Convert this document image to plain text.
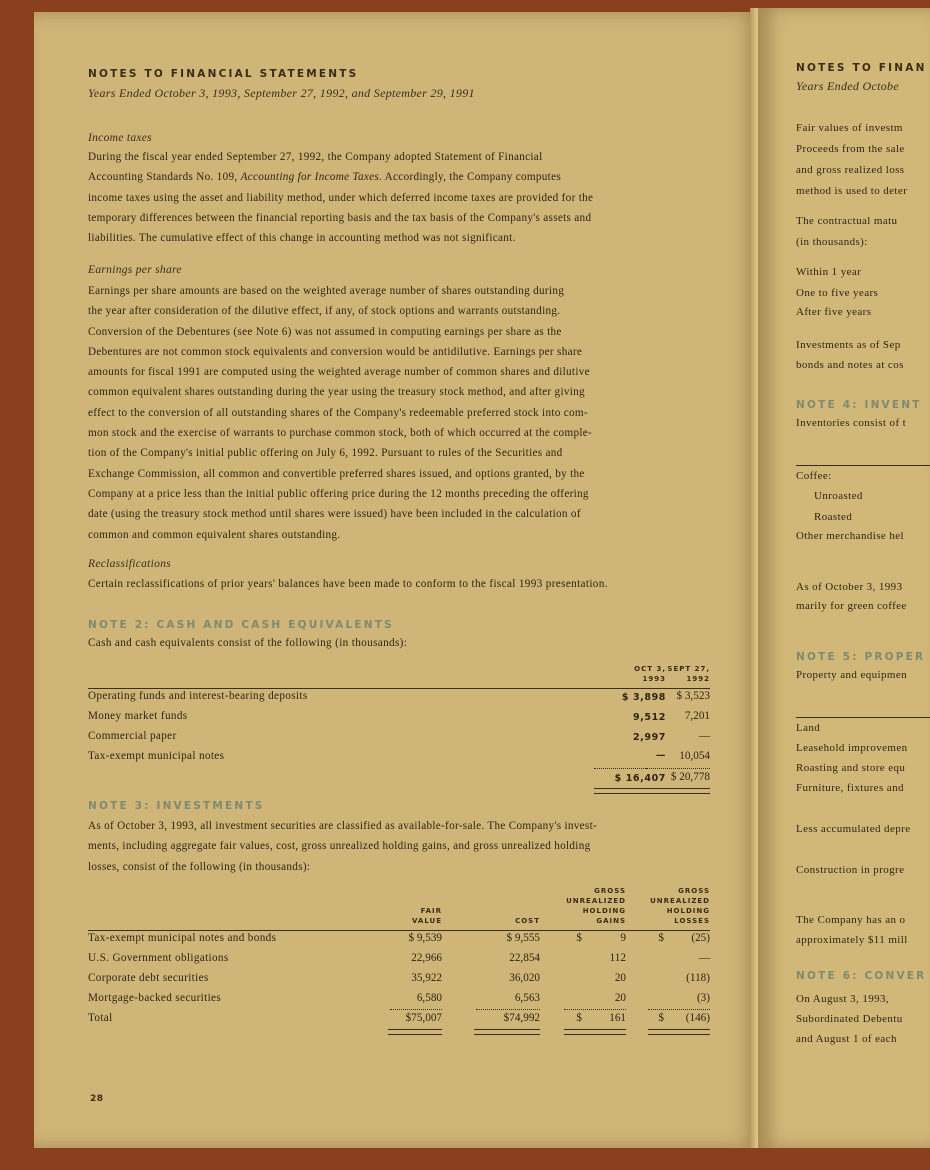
NOTES TO FINANCIAL STATEMENTS
Years Ended October 3, 1993, September 27, 1992, and September 29, 1991
Income taxes
During the fiscal year ended September 27, 1992, the Company adopted Statement of Financial
Accounting Standards No. 109, Accounting for Income Taxes. Accordingly, the Company computes
income taxes using the asset and liability method, under which deferred income taxes are provided for the
temporary differences between the financial reporting basis and the tax basis of the Company's assets and
liabilities. The cumulative effect of this change in accounting method was not significant.
Earnings per share
Earnings per share amounts are based on the weighted average number of shares outstanding during
the year after consideration of the dilutive effect, if any, of stock options and warrants outstanding.
Conversion of the Debentures (see Note 6) was not assumed in computing earnings per share as the
Debentures are not common stock equivalents and conversion would be antidilutive. Earnings per share
amounts for fiscal 1991 are computed using the weighted average number of common shares and dilutive
common equivalent shares outstanding during the year using the treasury stock method, and after giving
effect to the conversion of all outstanding shares of the Company's redeemable preferred stock into com-
mon stock and the exercise of warrants to purchase common stock, both of which occurred at the comple-
tion of the Company's initial public offering on July 6, 1992. Pursuant to rules of the Securities and
Exchange Commission, all common and convertible preferred shares issued, and options granted, by the
Company at a price less than the initial public offering price during the 12 months preceding the offering
date (using the treasury stock method until shares were issued) have been included in the calculation of
common and common equivalent shares outstanding.
Reclassifications
Certain reclassifications of prior years' balances have been made to conform to the fiscal 1993 presentation.
NOTE 2: CASH AND CASH EQUIVALENTS
Cash and cash equivalents consist of the following (in thousands):
OCT 3,
1993
SEPT 27,
1992
Operating funds and interest-bearing deposits	$ 3,898 $ 3,523
Money market funds	9,512	7,201
Commercial paper	2,997	—
Tax-exempt municipal notes	—	10,054
$ 16,407 $ 20,778
NOTE 3: INVESTMENTS
As of October 3, 1993, all investment securities are classified as available-for-sale. The Company's invest-
ments, including aggregate fair values, cost, gross unrealized holding gains, and gross unrealized holding
losses, consist of the following (in thousands):
FAIR
VALUE	COST
GROSS
UNREALIZED
HOLDING
GAINS
GROSS
UNREALIZED
HOLDING
LOSSES
Tax-exempt municipal notes and bonds	$ 9,539	$ 9,555	$	9	$	(25)
U.S. Government obligations	22,966	22,854	112	—
Corporate debt securities	35,922	36,020	20	(118)
Mortgage-backed securities	6,580	6,563	20	(3)
Total	$75,007	$74,992	$	161	$	(146)
28
NOTES TO FINAN
Years Ended Octobe
Fair values of investm
Proceeds from the sale
and gross realized loss
method is used to deter
The contractual matu
(in thousands):
Within 1 year
One to five years
After five years
Investments as of Sep
bonds and notes at cos
NOTE 4: INVENT
Inventories consist of t
Coffee:
Unroasted
Roasted
Other merchandise hel
As of October 3, 1993
marily for green coffee
NOTE 5: PROPER
Property and equipmen
Land
Leasehold improvemen
Roasting and store equ
Furniture, fixtures and
Less accumulated depre
Construction in progre
The Company has an o
approximately $11 mill
NOTE 6: CONVER
On August 3, 1993,
Subordinated Debentu
and August 1 of each
